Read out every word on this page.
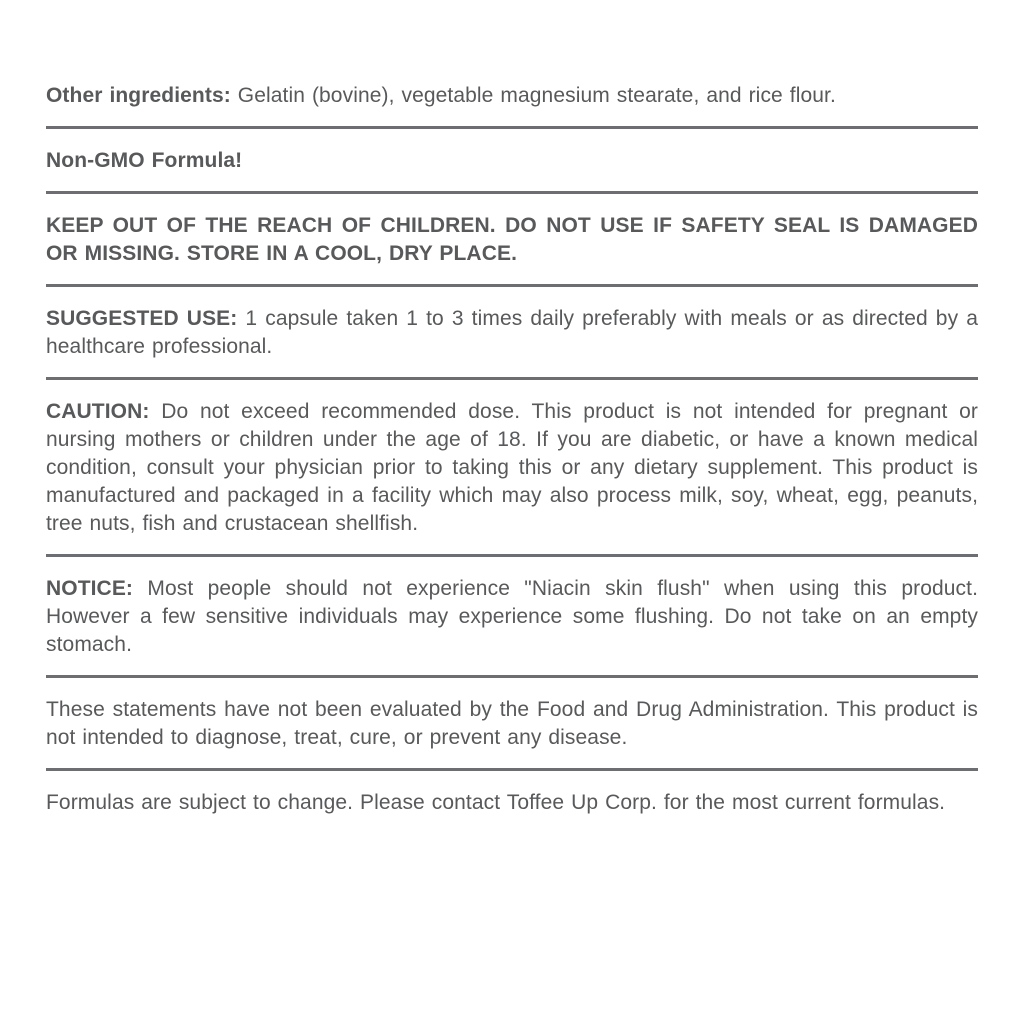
Other ingredients: Gelatin (bovine), vegetable magnesium stearate, and rice flour.

Non-GMO Formula!

KEEP OUT OF THE REACH OF CHILDREN. DO NOT USE IF SAFETY SEAL IS DAMAGED OR MISSING. STORE IN A COOL, DRY PLACE.

SUGGESTED USE: 1 capsule taken 1 to 3 times daily preferably with meals or as directed by a healthcare professional.

CAUTION: Do not exceed recommended dose. This product is not intended for pregnant or nursing mothers or children under the age of 18. If you are diabetic, or have a known medical condition, consult your physician prior to taking this or any dietary supplement. This product is manufactured and packaged in a facility which may also process milk, soy, wheat, egg, peanuts, tree nuts, fish and crustacean shellfish.

NOTICE: Most people should not experience "Niacin skin flush" when using this product. However a few sensitive individuals may experience some flushing. Do not take on an empty stomach.

These statements have not been evaluated by the Food and Drug Administration. This product is not intended to diagnose, treat, cure, or prevent any disease.

Formulas are subject to change. Please contact Toffee Up Corp. for the most current formulas.
